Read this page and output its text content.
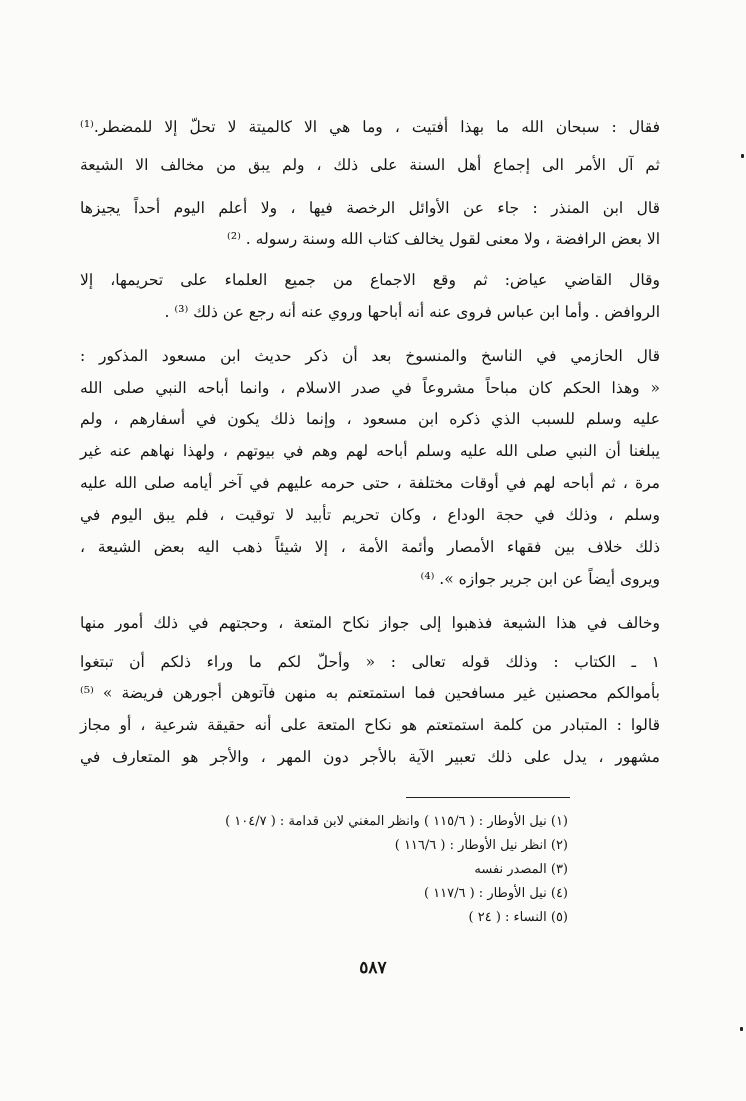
فقال : سبحان الله ما بهذا أفتيت ، وما هي الا كالميتة لا تحلّ إلا للمضطر.⁽¹⁾
ثم آل الأمر الى إجماع أهل السنة على ذلك ، ولم يبق من مخالف الا الشيعة
قال ابن المنذر : جاء عن الأوائل الرخصة فيها ، ولا أعلم اليوم أحداً يجيزها
الا بعض الرافضة ، ولا معنى لقول يخالف كتاب الله وسنة رسوله . ⁽²⁾
وقال القاضي عياض: ثم وقع الاجماع من جميع العلماء على تحريمها، إلا
الروافض . وأما ابن عباس فروى عنه أنه أباحها وروي عنه أنه رجع عن ذلك ⁽³⁾ .
قال الحازمي في الناسخ والمنسوخ بعد أن ذكر حديث ابن مسعود المذكور :
« وهذا الحكم كان مباحاً مشروعاً في صدر الاسلام ، وانما أباحه النبي صلى الله
عليه وسلم للسبب الذي ذكره ابن مسعود ، وإنما ذلك يكون في أسفارهم ، ولم
يبلغنا أن النبي صلى الله عليه وسلم أباحه لهم وهم في بيوتهم ، ولهذا نهاهم عنه غير
مرة ، ثم أباحه لهم في أوقات مختلفة ، حتى حرمه عليهم في آخر أيامه صلى الله عليه
وسلم ، وذلك في حجة الوداع ، وكان تحريم تأبيد لا توقيت ، فلم يبق اليوم في
ذلك خلاف بين فقهاء الأمصار وأئمة الأمة ، إلا شيئاً ذهب اليه بعض الشيعة ،
ويروى أيضاً عن ابن جرير جوازه ». ⁽⁴⁾
وخالف في هذا الشيعة فذهبوا إلى جواز نكاح المتعة ، وحجتهم في ذلك أمور منها
١ ـ الكتاب : وذلك قوله تعالى : « وأحلّ لكم ما وراء ذلكم أن تبتغوا
بأموالكم محصنين غير مسافحين فما استمتعتم به منهن فآتوهن أجورهن فريضة » ⁽⁵⁾
قالوا : المتبادر من كلمة استمتعتم هو نكاح المتعة على أنه حقيقة شرعية ، أو مجاز
مشهور ، يدل على ذلك تعبير الآية بالأجر دون المهر ، والأجر هو المتعارف في
(١) نيل الأوطار : ( ١١٥/٦ ) وانظر المغني لابن قدامة : ( ١٠٤/٧ )
(٢) انظر نيل الأوطار : ( ١١٦/٦ )
(٣) المصدر نفسه
(٤) نيل الأوطار : ( ١١٧/٦ )
(٥) النساء : ( ٢٤ )
٥٨٧
